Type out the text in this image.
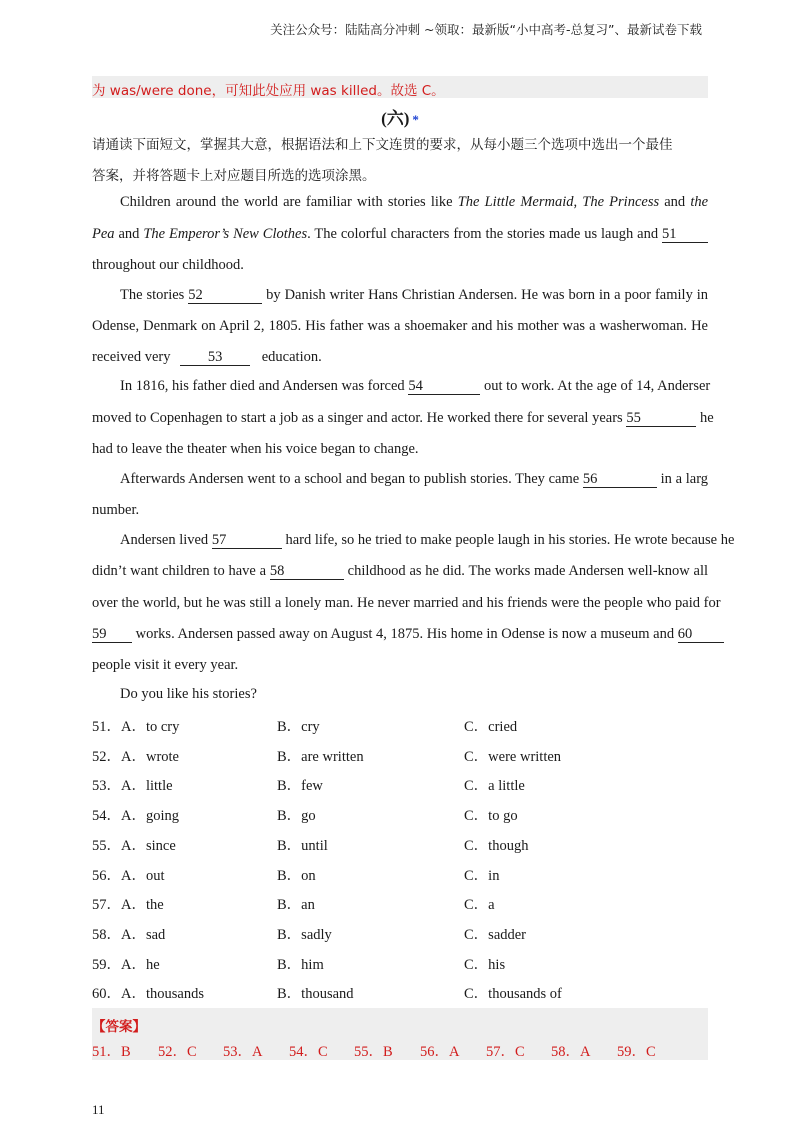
关注公众号：陆陆高分冲刺 ~领取：最新版“小中高考-总复习”、最新试卷下载
为 was/were done，可知此处应用 was killed。故选 C。
(六) *
请通读下面短文，掌握其大意，根据语法和上下文连贯的要求，从每小题三个选项中选出一个最佳
答案，并将答题卡上对应题目所选的选项涂黑。
Children around the world are familiar with stories like The Little Mermaid, The Princess and the
Pea and The Emperor’s New Clothes. The colorful characters from the stories made us laugh and 51
throughout our childhood.
The stories 52	by Danish writer Hans Christian Andersen. He was born in a poor family in
Odense, Denmark on April 2, 1805. His father was a shoemaker and his mother was a washerwoman. He
received very	53	education.
In 1816, his father died and Andersen was forced 54	out to work. At the age of 14, Anderser
moved to Copenhagen to start a job as a singer and actor. He worked there for several years 55	he
had to leave the theater when his voice began to change.
Afterwards Andersen went to a school and began to publish stories. They came 56	in a larg
number.
Andersen lived 57	hard life, so he tried to make people laugh in his stories. He wrote because he
didn’t want children to have a 58	childhood as he did. The works made Andersen well-know all
over the world, but he was still a lonely man. He never married and his friends were the people who paid for
59 works. Andersen passed away on August 4, 1875. His home in Odense is now a museum and 60
people visit it every year.
Do you like his stories?
51． A．to cry	B．cry	C．cried
52． A．wrote	B．are written	C．were written
53． A．little	B．few	C．a little
54． A．going	B．go	C．to go
55． A．since	B．until	C．though
56． A．out	B．on	C．in
57． A．the	B．an	C．a
58． A．sad	B．sadly	C．sadder
59． A．he	B．him	C．his
60． A．thousands	B．thousand	C．thousands of
【答案】
51．B 52．C 53．A 54．C 55．B 56．A 57．C 58．A 59．C
11
